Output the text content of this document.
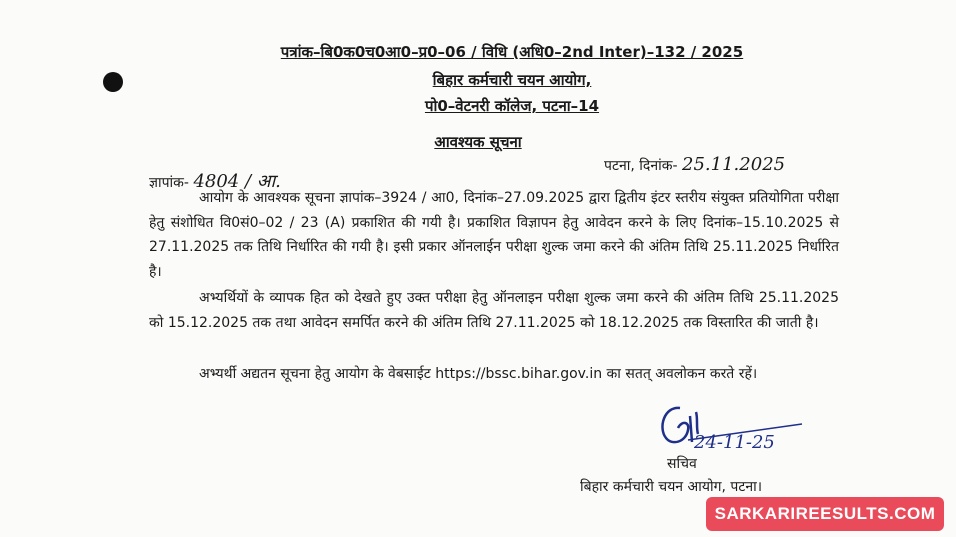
पत्रांक–बि0क0च0आ0–प्र0–06 / विधि (अधि0–2nd Inter)–132 / 2025
बिहार कर्मचारी चयन आयोग,
पो0–वेटनरी कॉलेज, पटना–14
आवश्यक सूचना
ज्ञापांक- 4804 / आ.
पटना, दिनांक- 25.11.2025
आयोग के आवश्यक सूचना ज्ञापांक–3924 / आ0, दिनांक–27.09.2025 द्वारा द्वितीय इंटर स्तरीय संयुक्त प्रतियोगिता परीक्षा हेतु संशोधित वि0सं0–02 / 23 (A) प्रकाशित की गयी है। प्रकाशित विज्ञापन हेतु आवेदन करने के लिए दिनांक–15.10.2025 से 27.11.2025 तक तिथि निर्धारित की गयी है। इसी प्रकार ऑनलाईन परीक्षा शुल्क जमा करने की अंतिम तिथि 25.11.2025 निर्धारित है।
अभ्यर्थियों के व्यापक हित को देखते हुए उक्त परीक्षा हेतु ऑनलाइन परीक्षा शुल्क जमा करने की अंतिम तिथि 25.11.2025 को 15.12.2025 तक तथा आवेदन समर्पित करने की अंतिम तिथि 27.11.2025 को 18.12.2025 तक विस्तारित की जाती है।
अभ्यर्थी अद्यतन सूचना हेतु आयोग के वेबसाईट https://bssc.bihar.gov.in का सतत् अवलोकन करते रहें।
24-11-25
सचिव
बिहार कर्मचारी चयन आयोग, पटना।
SARKARIREESULTS.COM
